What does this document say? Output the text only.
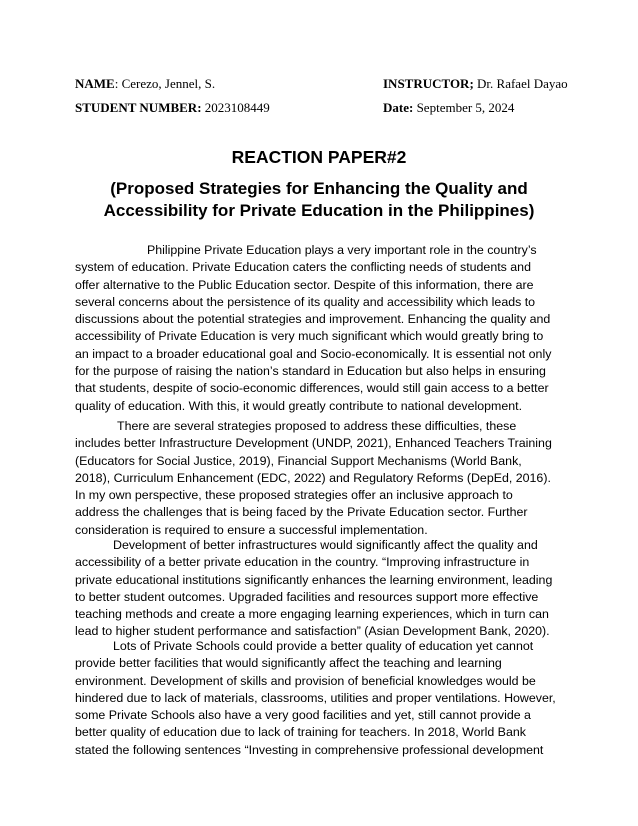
NAME: Cerezo, Jennel, S.
STUDENT NUMBER: 2023108449
INSTRUCTOR; Dr. Rafael Dayao
Date: September 5, 2024
REACTION PAPER#2
(Proposed Strategies for Enhancing the Quality and
Accessibility for Private Education in the Philippines)
Philippine Private Education plays a very important role in the country’s
system of education. Private Education caters the conflicting needs of students and
offer alternative to the Public Education sector. Despite of this information, there are
several concerns about the persistence of its quality and accessibility which leads to
discussions about the potential strategies and improvement. Enhancing the quality and
accessibility of Private Education is very much significant which would greatly bring to
an impact to a broader educational goal and Socio-economically. It is essential not only
for the purpose of raising the nation’s standard in Education but also helps in ensuring
that students, despite of socio-economic differences, would still gain access to a better
quality of education. With this, it would greatly contribute to national development.
There are several strategies proposed to address these difficulties, these
includes better Infrastructure Development (UNDP, 2021), Enhanced Teachers Training
(Educators for Social Justice, 2019), Financial Support Mechanisms (World Bank,
2018), Curriculum Enhancement (EDC, 2022) and Regulatory Reforms (DepEd, 2016).
In my own perspective, these proposed strategies offer an inclusive approach to
address the challenges that is being faced by the Private Education sector. Further
consideration is required to ensure a successful implementation.
Development of better infrastructures would significantly affect the quality and
accessibility of a better private education in the country. “Improving infrastructure in
private educational institutions significantly enhances the learning environment, leading
to better student outcomes. Upgraded facilities and resources support more effective
teaching methods and create a more engaging learning experiences, which in turn can
lead to higher student performance and satisfaction” (Asian Development Bank, 2020).
Lots of Private Schools could provide a better quality of education yet cannot
provide better facilities that would significantly affect the teaching and learning
environment. Development of skills and provision of beneficial knowledges would be
hindered due to lack of materials, classrooms, utilities and proper ventilations. However,
some Private Schools also have a very good facilities and yet, still cannot provide a
better quality of education due to lack of training for teachers. In 2018, World Bank
stated the following sentences “Investing in comprehensive professional development
